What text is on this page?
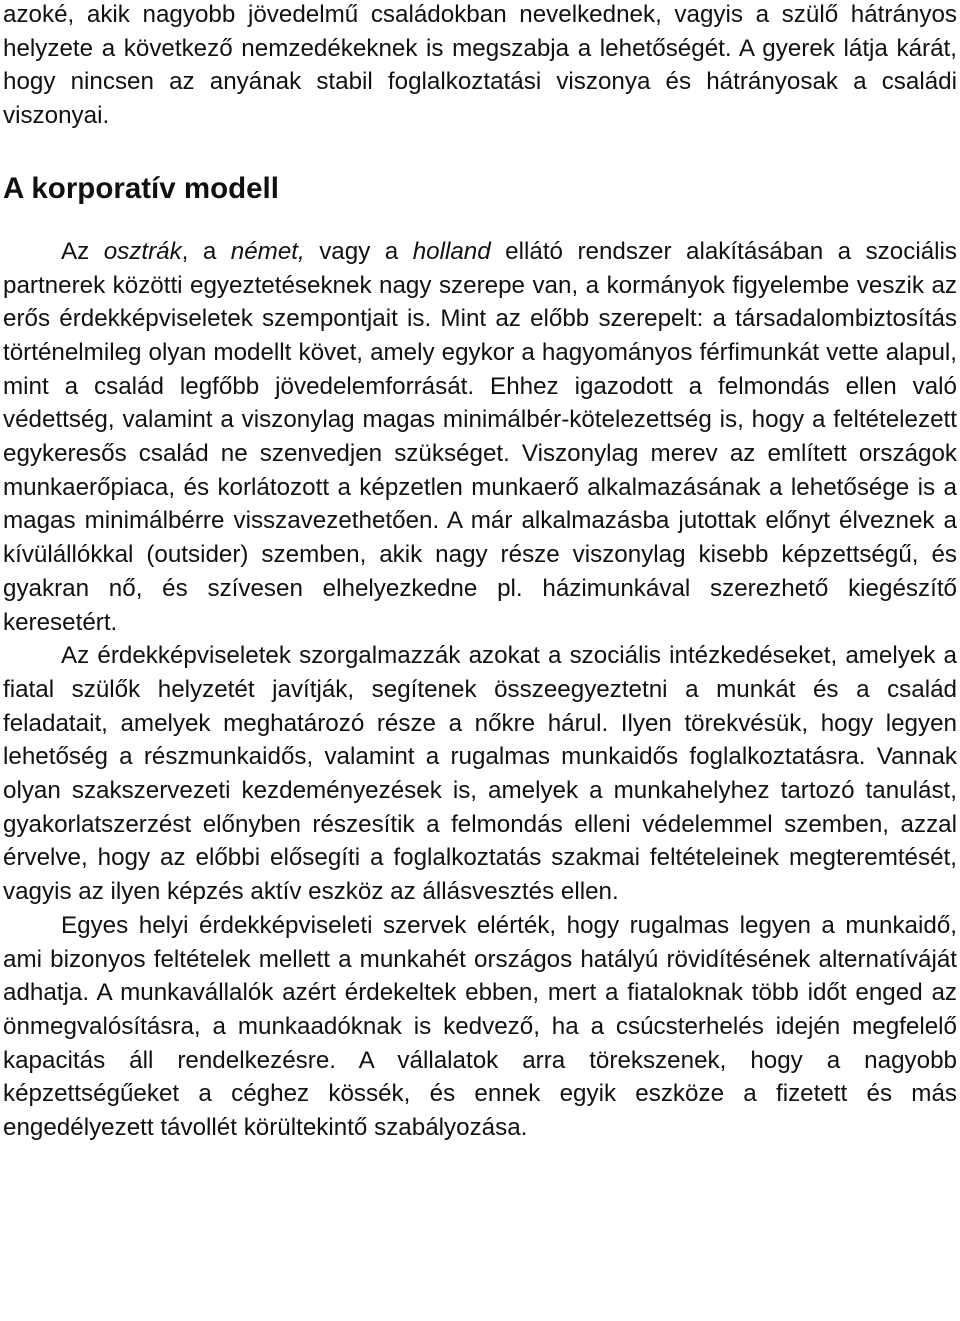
azoké, akik nagyobb jövedelmű családokban nevelkednek, vagyis a szülő hátrányos helyzete a következő nemzedékeknek is megszabja a lehetőségét. A gyerek látja kárát, hogy nincsen az anyának stabil foglalkoztatási viszonya és hátrányosak a családi viszonyai.

A korporatív modell

Az osztrák, a német, vagy a holland ellátó rendszer alakításában a szociális partnerek közötti egyeztetéseknek nagy szerepe van, a kormányok figyelembe veszik az erős érdekképviseletek szempontjait is. Mint az előbb szerepelt: a társadalombiztosítás történelmileg olyan modellt követ, amely egykor a hagyományos férfimunkát vette alapul, mint a család legfőbb jövedelemforrását. Ehhez igazodott a felmondás ellen való védettség, valamint a viszonylag magas minimálbér-kötelezettség is, hogy a feltételezett egykeresős család ne szenvedjen szükséget. Viszonylag merev az említett országok munkaerőpiaca, és korlátozott a képzetlen munkaerő alkalmazásának a lehetősége is a magas minimálbérre visszavezethetően. A már alkalmazásba jutottak előnyt élveznek a kívülállókkal (outsider) szemben, akik nagy része viszonylag kisebb képzettségű, és gyakran nő, és szívesen elhelyezkedne pl. házimunkával szerezhető kiegészítő keresetért.

Az érdekképviseletek szorgalmazzák azokat a szociális intézkedéseket, amelyek a fiatal szülők helyzetét javítják, segítenek összeegyeztetni a munkát és a család feladatait, amelyek meghatározó része a nőkre hárul. Ilyen törekvésük, hogy legyen lehetőség a részmunkaidős, valamint a rugalmas munkaidős foglalkoztatásra. Vannak olyan szakszervezeti kezdeményezések is, amelyek a munkahelyhez tartozó tanulást, gyakorlatszerzést előnyben részesítik a felmondás elleni védelemmel szemben, azzal érvelve, hogy az előbbi elősegíti a foglalkoztatás szakmai feltételeinek megteremtését, vagyis az ilyen képzés aktív eszköz az állásvesztés ellen.

Egyes helyi érdekképviseleti szervek elérték, hogy rugalmas legyen a munkaidő, ami bizonyos feltételek mellett a munkahét országos hatályú rövidítésének alternatíváját adhatja. A munkavállalók azért érdekeltek ebben, mert a fiataloknak több időt enged az önmegvalósításra, a munkaadóknak is kedvező, ha a csúcsterhelés idején megfelelő kapacitás áll rendelkezésre. A vállalatok arra törekszenek, hogy a nagyobb képzettségűeket a céghez kössék, és ennek egyik eszköze a fizetett és más engedélyezett távollét körültekintő szabályozása.
